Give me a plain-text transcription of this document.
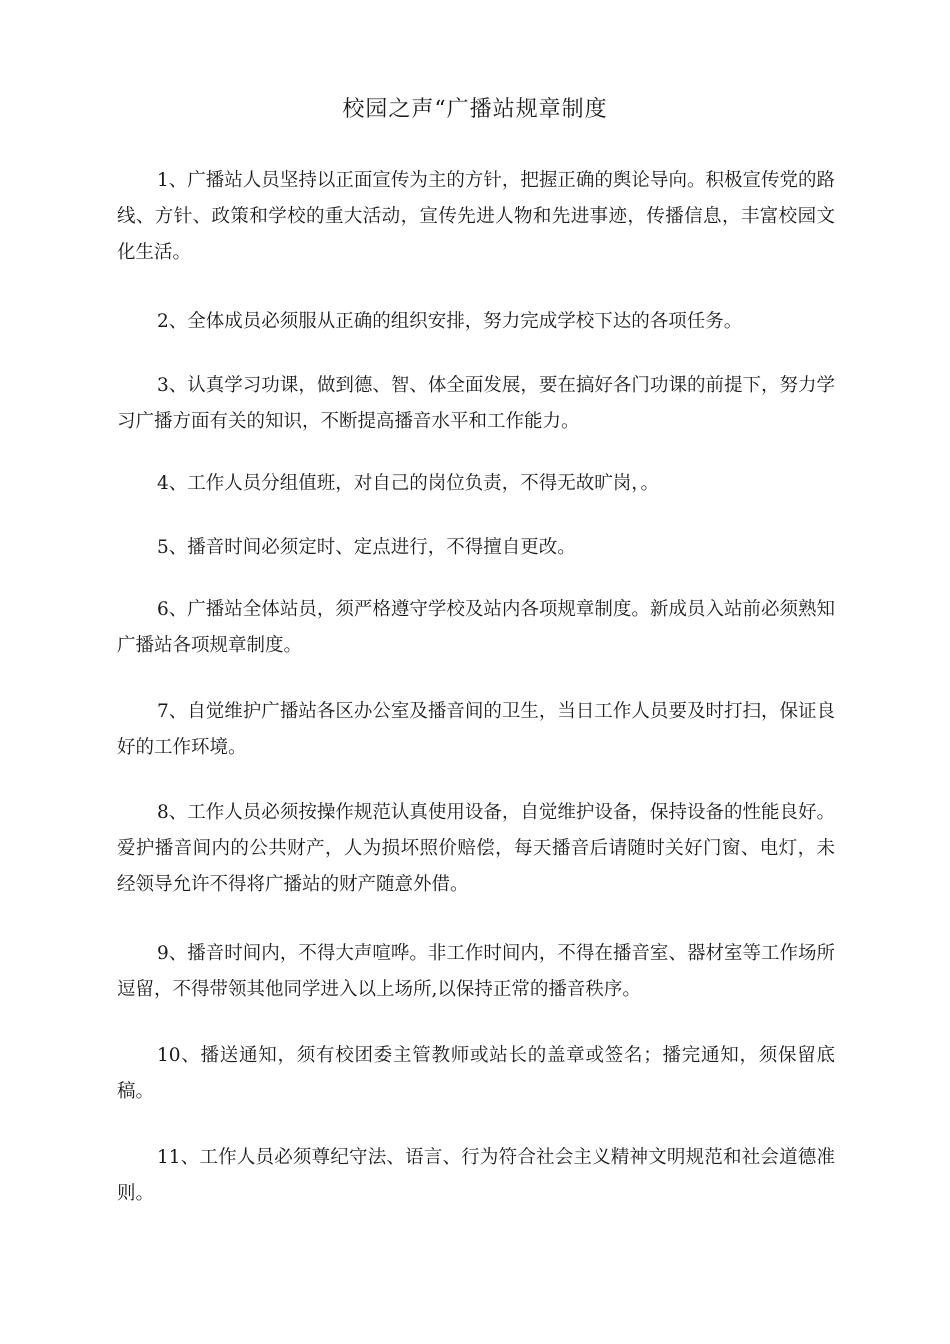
校园之声“广播站规章制度

1、广播站人员坚持以正面宣传为主的方针，把握正确的舆论导向。积极宣传党的路线、方针、政策和学校的重大活动，宣传先进人物和先进事迹，传播信息，丰富校园文化生活。

2、全体成员必须服从正确的组织安排，努力完成学校下达的各项任务。

3、认真学习功课，做到德、智、体全面发展，要在搞好各门功课的前提下，努力学习广播方面有关的知识，不断提高播音水平和工作能力。

4、工作人员分组值班，对自己的岗位负责，不得无故旷岗，。

5、播音时间必须定时、定点进行，不得擅自更改。

6、广播站全体站员，须严格遵守学校及站内各项规章制度。新成员入站前必须熟知广播站各项规章制度。

7、自觉维护广播站各区办公室及播音间的卫生，当日工作人员要及时打扫，保证良好的工作环境。

8、工作人员必须按操作规范认真使用设备，自觉维护设备，保持设备的性能良好。爱护播音间内的公共财产，人为损坏照价赔偿，每天播音后请随时关好门窗、电灯，未经领导允许不得将广播站的财产随意外借。

9、播音时间内，不得大声喧哗。非工作时间内，不得在播音室、器材室等工作场所逗留，不得带领其他同学进入以上场所,以保持正常的播音秩序。

10、播送通知，须有校团委主管教师或站长的盖章或签名；播完通知，须保留底稿。

11、工作人员必须尊纪守法、语言、行为符合社会主义精神文明规范和社会道德准则。
